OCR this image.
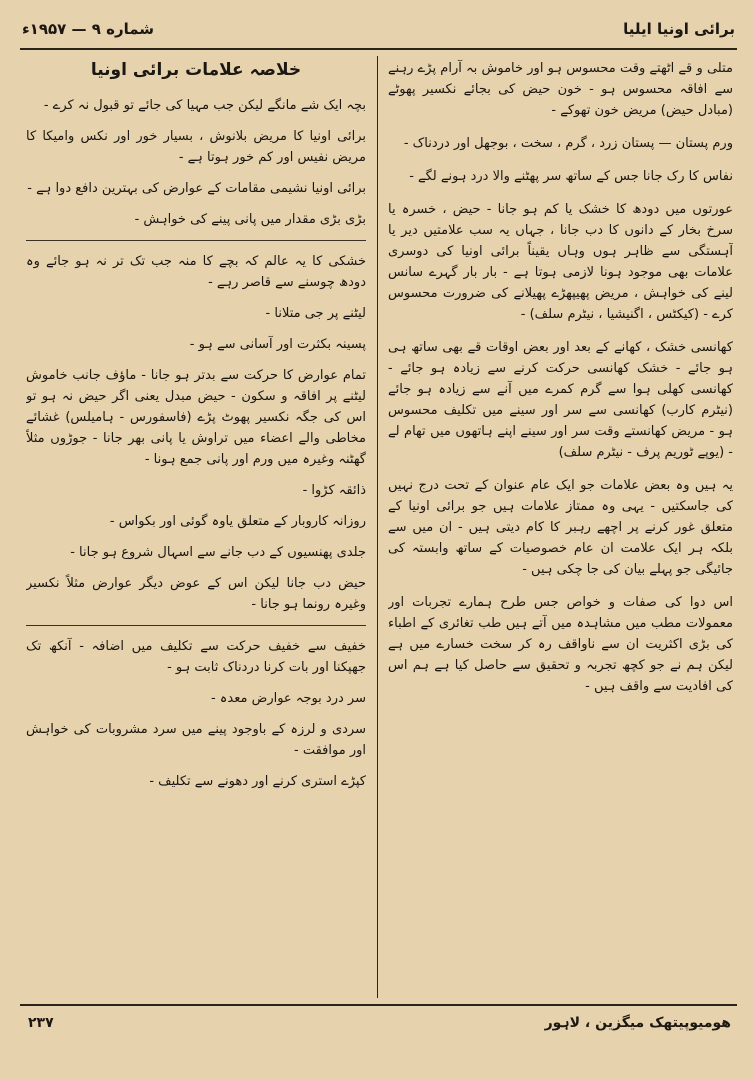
برائی اونیا ایلیا
شماره ۹ — ۱۹۵۷ء

متلی و قے اٹھتے وقت محسوس ہو اور خاموش بہ آرام پڑے رہنے سے افاقہ محسوس ہو - خون حیض کی بجائے نکسیر پھوٹے (مبادل حیض) مریض خون تھوکے -

ورم پستان — پستان زرد ، گرم ، سخت ، بوجھل اور دردناک -

نفاس کا رک جانا جس کے ساتھ سر پھٹنے والا درد ہونے لگے -

عورتوں میں دودھ کا خشک یا کم ہو جانا - حیض ، خسرہ یا سرخ بخار کے دانوں کا دب جانا ، جہاں یہ سب علامتیں دیر یا آہستگی سے ظاہر ہوں وہاں یقیناً برائی اونیا کی دوسری علامات بھی موجود ہونا لازمی ہوتا ہے - بار بار گہرے سانس لینے کی خواہش ، مریض پھیپھڑے پھیلانے کی ضرورت محسوس کرے - (کیکٹس ، اگنیشیا ، نیٹرم سلف) -

کھانسی خشک ، کھانے کے بعد اور بعض اوقات قے بھی ساتھ ہی ہو جائے - خشک کھانسی حرکت کرنے سے زیادہ ہو جائے - کھانسی کھلی ہوا سے گرم کمرے میں آنے سے زیادہ ہو جائے (نیٹرم کارب) کھانسی سے سر اور سینے میں تکلیف محسوس ہو - مریض کھانستے وقت سر اور سینے اپنے ہاتھوں میں تھام لے - (یوپے ٹوریم پرف - نیٹرم سلف)

یہ ہیں وہ بعض علامات جو ایک عام عنوان کے تحت درج نہیں کی جاسکتیں - یہی وہ ممتاز علامات ہیں جو برائی اونیا کے متعلق غور کرنے پر اچھے رہبر کا کام دیتی ہیں - ان میں سے بلکہ ہر ایک علامت ان عام خصوصیات کے ساتھ وابستہ کی جائیگی جو پہلے بیان کی جا چکی ہیں -

اس دوا کی صفات و خواص جس طرح ہمارے تجربات اور معمولات مطب میں مشاہدہ میں آتے ہیں طب تغائری کے اطباء کی بڑی اکثریت ان سے ناواقف رہ کر سخت خسارے میں ہے لیکن ہم نے جو کچھ تجربہ و تحقیق سے حاصل کیا ہے ہم اس کی افادیت سے واقف ہیں -

خلاصہ علامات برائی اونیا

بچہ ایک شے مانگے لیکن جب مہیا کی جائے تو قبول نہ کرے -

برائی اونیا کا مریض بلانوش ، بسیار خور اور نکس وامیکا کا مریض نفیس اور کم خور ہوتا ہے -

برائی اونیا نشیمی مقامات کے عوارض کی بہترین دافع دوا ہے -

بڑی بڑی مقدار میں پانی پینے کی خواہش -

خشکی کا یہ عالم کہ بچے کا منہ جب تک تر نہ ہو جائے وہ دودھ چوسنے سے قاصر رہے -

لیٹنے پر جی متلانا -

پسینہ بکثرت اور آسانی سے ہو -

تمام عوارض کا حرکت سے بدتر ہو جانا - ماؤف جانب خاموش لیٹنے پر افاقہ و سکون - حیض مبدل یعنی اگر حیض نہ ہو تو اس کی جگہ نکسیر پھوٹ پڑے (فاسفورس - ہامیلس) غشائے مخاطی والے اعضاء میں تراوش یا پانی بھر جانا - جوڑوں مثلاً گھٹنہ وغیرہ میں ورم اور پانی جمع ہونا -

ذائقہ کڑوا -

روزانہ کاروبار کے متعلق یاوہ گوئی اور بکواس -

جلدی پھنسیوں کے دب جانے سے اسہال شروع ہو جانا -

حیض دب جانا لیکن اس کے عوض دیگر عوارض مثلاً نکسیر وغیرہ رونما ہو جانا -

خفیف سے خفیف حرکت سے تکلیف میں اضافہ - آنکھ تک جھپکنا اور بات کرنا دردناک ثابت ہو -

سر درد بوجہ عوارض معدہ -

سردی و لرزہ کے باوجود پینے میں سرد مشروبات کی خواہش اور موافقت -

کپڑے استری کرنے اور دھونے سے تکلیف -

هومیوپیتھک میگزین ، لاہور
۲۳۷
